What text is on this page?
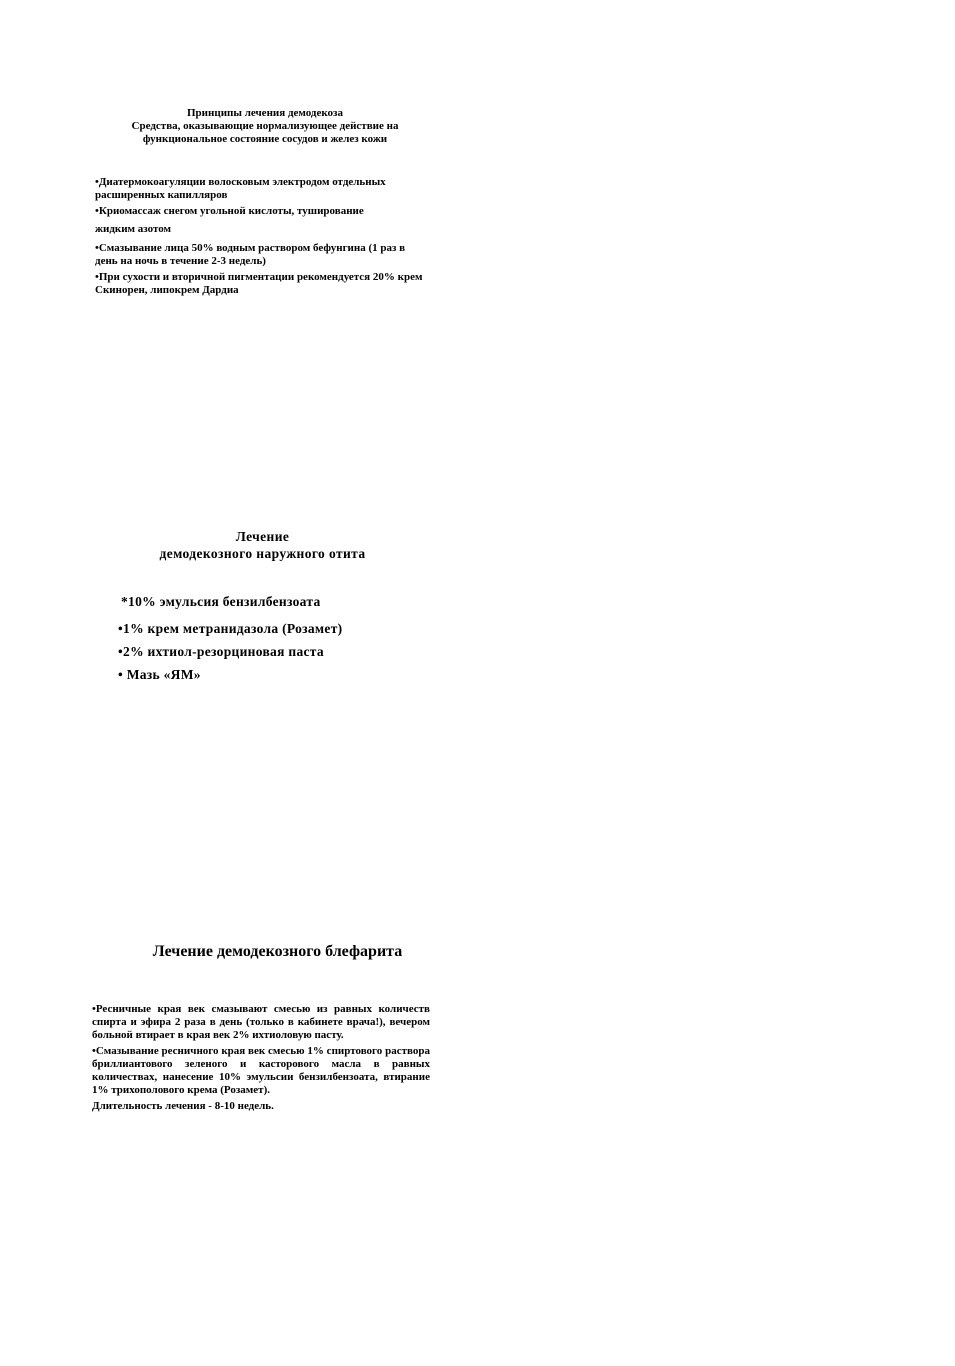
Принципы лечения демодекоза
Средства, оказывающие нормализующее действие на
функциональное состояние сосудов и желез кожи
•Диатермокоагуляции волосковым электродом отдельных расширенных капилляров
•Криомассаж снегом угольной кислоты, туширование
жидким азотом
•Смазывание лица 50% водным раствором бефунгина (1 раз в день на ночь в течение 2-3 недель)
•При сухости и вторичной пигментации рекомендуется 20% крем Скинорен, липокрем Дардиа
Лечение
демодекозного наружного отита
*10% эмульсия бензилбензоата
•1% крем метранидазола (Розамет)
•2% ихтиол-резорциновая паста
• Мазь «ЯМ»
Лечение демодекозного блефарита
•Ресничные края век смазывают смесью из равных количеств спирта и эфира 2 раза в день (только в кабинете врача!), вечером больной втирает в края век 2% ихтиоловую пасту.
•Смазывание ресничного края век смесью 1% спиртового раствора бриллиантового зеленого и касторового масла в равных количествах, нанесение 10% эмульсии бензилбензоата, втирание 1% трихополового крема (Розамет).
Длительность лечения - 8-10 недель.
